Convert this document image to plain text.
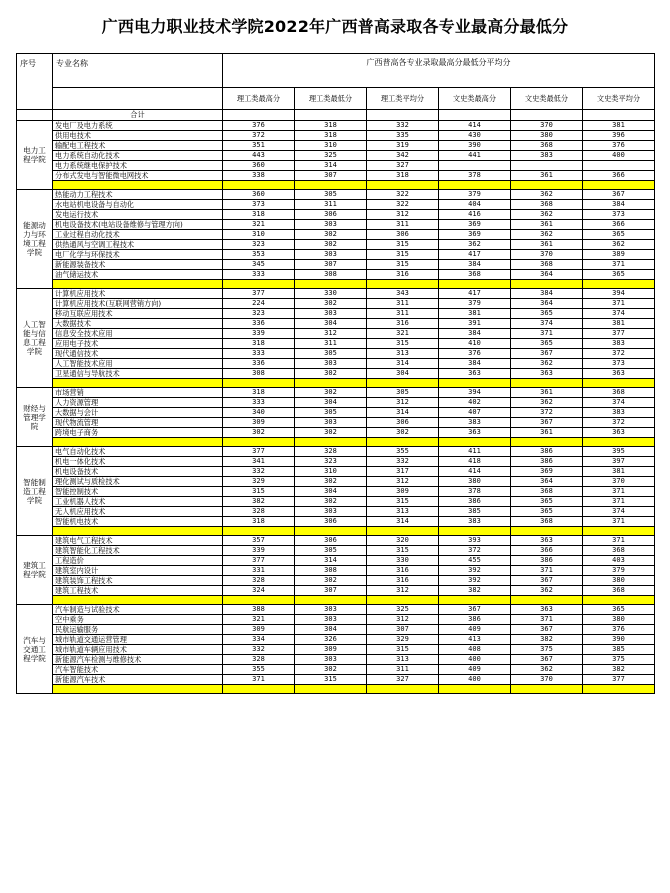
广西电力职业技术学院2022年广西普高录取各专业最高分最低分
序号	专业名称	广西普高各专业录取最高分最低分平均分					
		理工类最高分	理工类最低分	理工类平均分	文史类最高分	文史类最低分	文史类平均分
	合计						
电力工程学院	发电厂及电力系统	376	318	332	414	370	381
	供用电技术	372	318	335	430	380	396
	输配电工程技术	351	310	319	390	368	376
	电力系统自动化技术	443	325	342	441	383	400
	电力系统继电保护技术	360	314	327			
	分布式发电与智能微电网技术	338	307	318	378	361	366

能源动力与环境工程学院	热能动力工程技术	360	305	322	379	362	367
	水电站机电设备与自动化	373	311	322	404	368	384
	发电运行技术	318	306	312	416	362	373
	机电设备技术(电站设备维修与管理方向)	321	303	311	369	361	366
	工业过程自动化技术	310	302	306	369	362	365
	供热通风与空调工程技术	323	302	315	362	361	362
	电厂化学与环保技术	353	303	315	417	370	389
	新能源装备技术	345	307	315	384	368	371
	油气储运技术	333	308	316	368	364	365

人工智能与信息工程学院	计算机应用技术	377	330	343	417	384	394
	计算机应用技术(互联网营销方向)	224	302	311	379	364	371
	移动互联应用技术	323	303	311	381	365	374
	大数据技术	336	304	316	391	374	381
	信息安全技术应用	339	312	321	384	371	377
	应用电子技术	318	311	315	410	365	383
	现代通信技术	333	305	313	376	367	372
	人工智能技术应用	336	303	314	384	362	373
	卫星通信与导航技术	308	302	304	363	363	363

财经与管理学院	市场营销	318	302	305	394	361	368
	人力资源管理	333	304	312	402	362	374
	大数据与会计	340	305	314	407	372	383
	现代物流管理	309	303	306	383	367	372
	跨境电子商务	302	302	302	363	361	363

智能制造工程学院	电气自动化技术	377	328	355	411	386	395
	机电一体化技术	341	323	332	418	386	397
	机电设备技术	332	310	317	414	369	381
	理化测试与质检技术	329	302	312	380	364	370
	智能控制技术	315	304	309	378	368	371
	工业机器人技术	382	302	315	386	365	371
	无人机应用技术	328	303	313	385	365	374
	智能机电技术	318	306	314	383	368	371

建筑工程学院	建筑电气工程技术	357	306	320	393	363	371
	建筑智能化工程技术	339	305	315	372	366	368
	工程造价	377	314	330	455	386	403
	建筑室内设计	331	308	316	392	371	379
	建筑装饰工程技术	328	302	316	392	367	380
	建筑工程技术	324	307	312	382	362	368

汽车与交通工程学院	汽车制造与试验技术	388	303	325	367	363	365
	空中乘务	321	303	312	386	371	380
	民航运输服务	309	304	307	409	367	376
	城市轨道交通运营管理	334	326	329	413	382	390
	城市轨道车辆应用技术	332	309	315	408	375	385
	新能源汽车检测与维修技术	328	303	313	400	367	375
	汽车智能技术	355	302	311	409	362	382
	新能源汽车技术	371	315	327	400	370	377
